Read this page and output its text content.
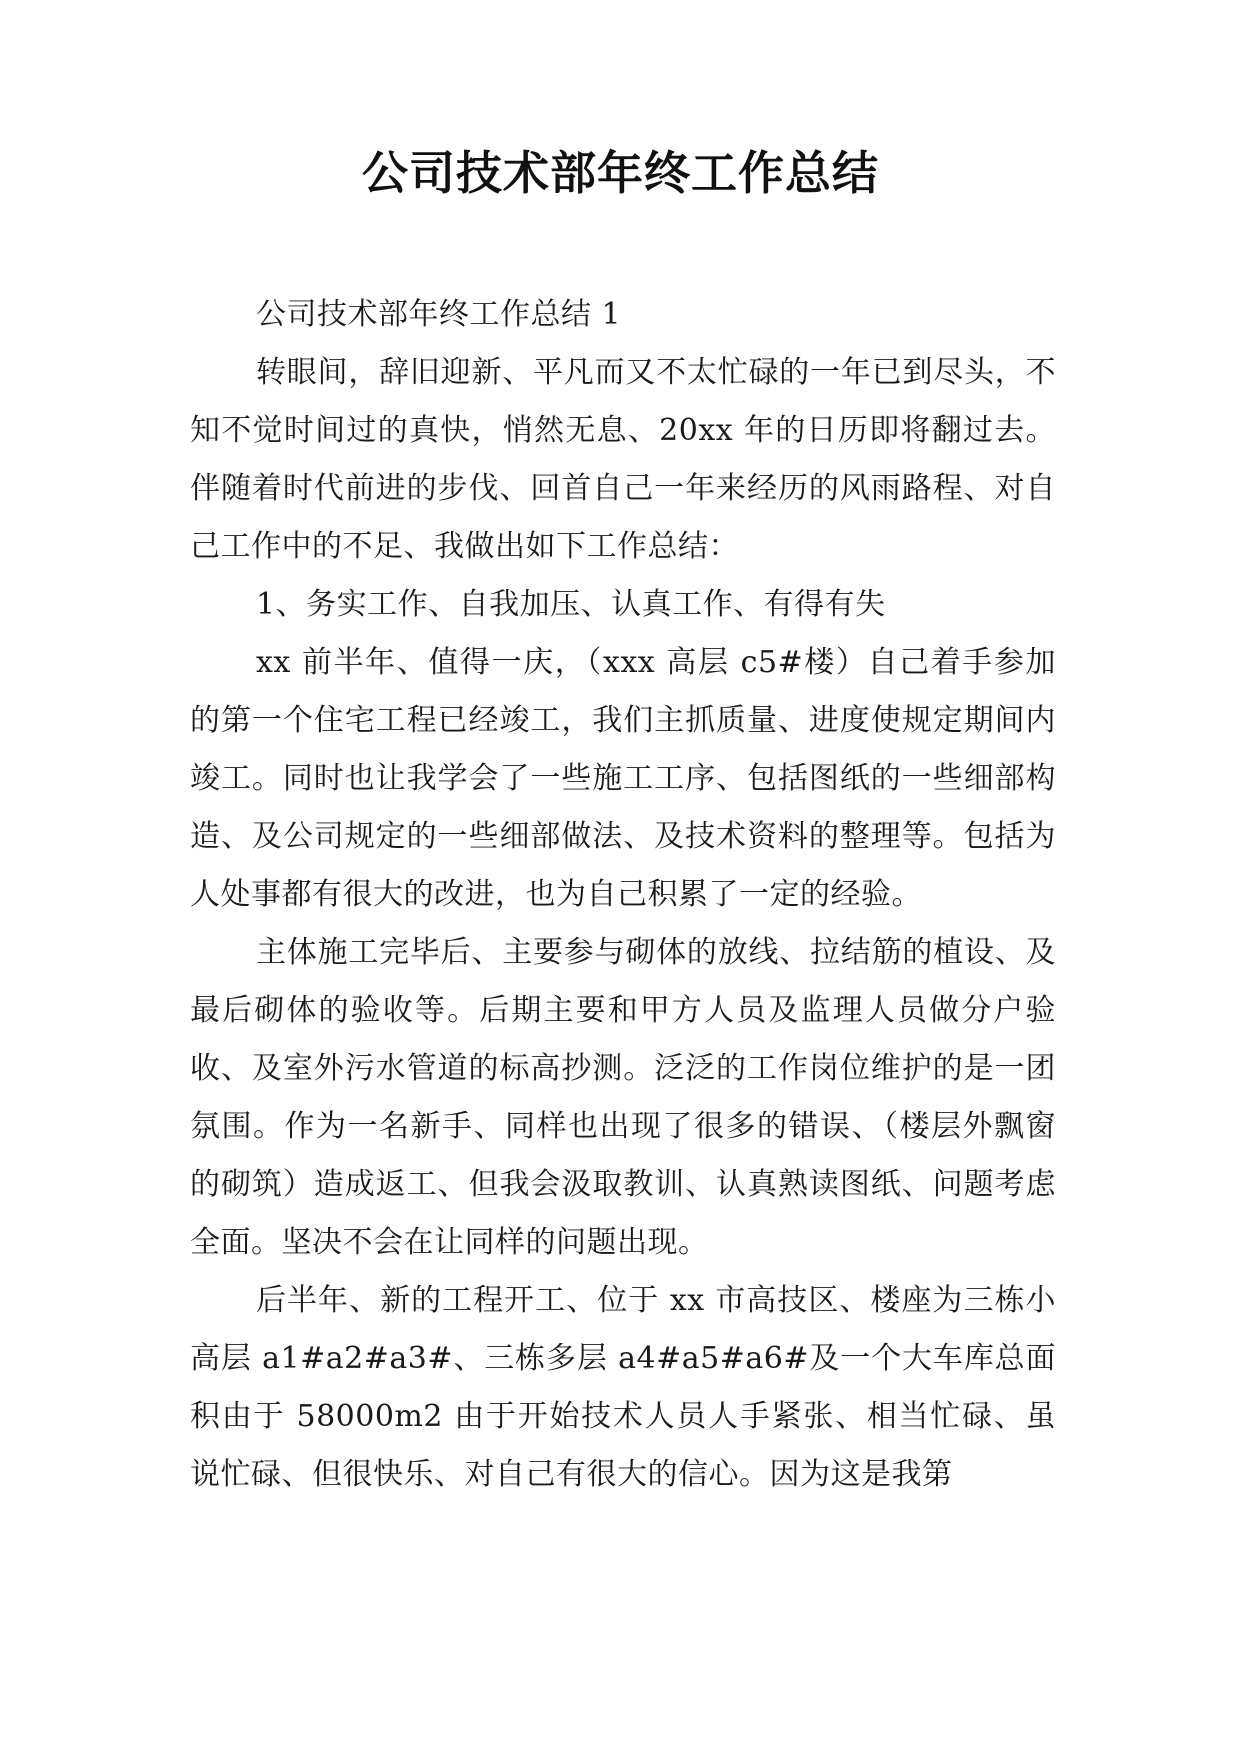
公司技术部年终工作总结

公司技术部年终工作总结 1

转眼间，辞旧迎新、平凡而又不太忙碌的一年已到尽头，不知不觉时间过的真快，悄然无息、20xx 年的日历即将翻过去。伴随着时代前进的步伐、回首自己一年来经历的风雨路程、对自己工作中的不足、我做出如下工作总结：

1、务实工作、自我加压、认真工作、有得有失

xx 前半年、值得一庆，（xxx 高层 c5#楼）自己着手参加的第一个住宅工程已经竣工，我们主抓质量、进度使规定期间内竣工。同时也让我学会了一些施工工序、包括图纸的一些细部构造、及公司规定的一些细部做法、及技术资料的整理等。包括为人处事都有很大的改进，也为自己积累了一定的经验。

主体施工完毕后、主要参与砌体的放线、拉结筋的植设、及最后砌体的验收等。后期主要和甲方人员及监理人员做分户验收、及室外污水管道的标高抄测。泛泛的工作岗位维护的是一团氛围。作为一名新手、同样也出现了很多的错误、（楼层外飘窗的砌筑）造成返工、但我会汲取教训、认真熟读图纸、问题考虑全面。坚决不会在让同样的问题出现。

后半年、新的工程开工、位于 xx 市高技区、楼座为三栋小高层 a1#a2#a3#、三栋多层 a4#a5#a6#及一个大车库总面积由于 58000m2 由于开始技术人员人手紧张、相当忙碌、虽说忙碌、但很快乐、对自己有很大的信心。因为这是我第
